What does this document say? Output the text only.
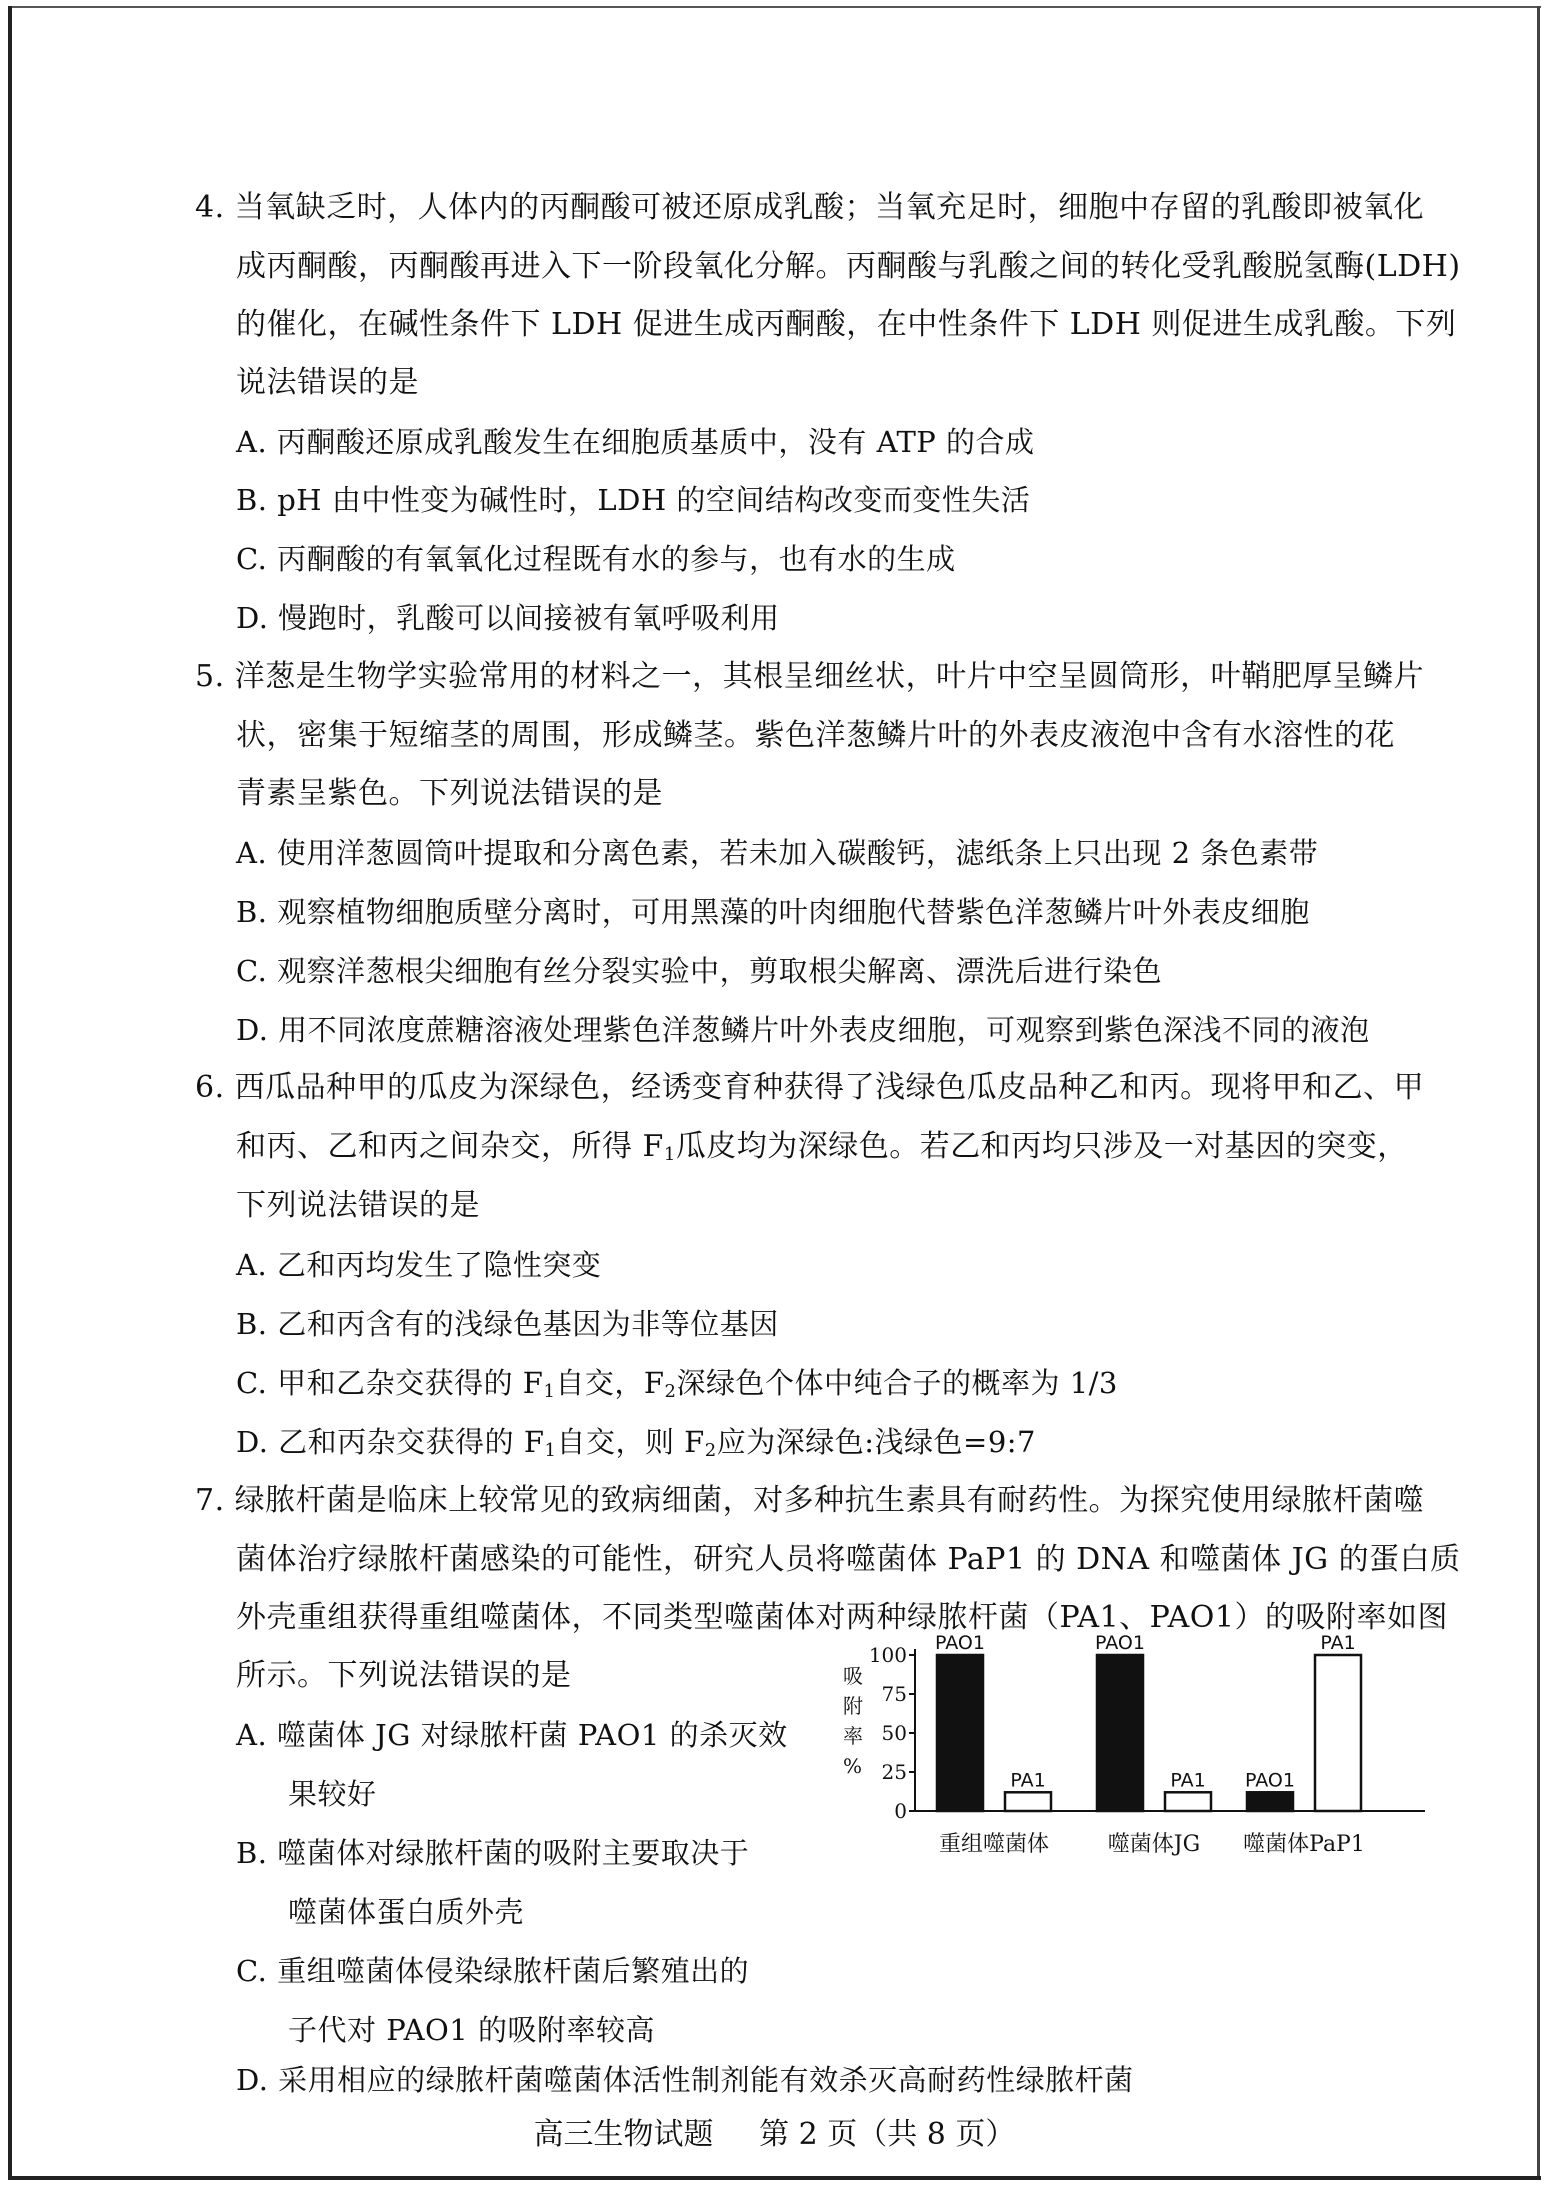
4. 当氧缺乏时，人体内的丙酮酸可被还原成乳酸；当氧充足时，细胞中存留的乳酸即被氧化
成丙酮酸，丙酮酸再进入下一阶段氧化分解。丙酮酸与乳酸之间的转化受乳酸脱氢酶(LDH)
的催化，在碱性条件下 LDH 促进生成丙酮酸，在中性条件下 LDH 则促进生成乳酸。下列
说法错误的是
A. 丙酮酸还原成乳酸发生在细胞质基质中，没有 ATP 的合成
B. pH 由中性变为碱性时，LDH 的空间结构改变而变性失活
C. 丙酮酸的有氧氧化过程既有水的参与，也有水的生成
D. 慢跑时，乳酸可以间接被有氧呼吸利用
5. 洋葱是生物学实验常用的材料之一，其根呈细丝状，叶片中空呈圆筒形，叶鞘肥厚呈鳞片
状，密集于短缩茎的周围，形成鳞茎。紫色洋葱鳞片叶的外表皮液泡中含有水溶性的花
青素呈紫色。下列说法错误的是
A. 使用洋葱圆筒叶提取和分离色素，若未加入碳酸钙，滤纸条上只出现 2 条色素带
B. 观察植物细胞质壁分离时，可用黑藻的叶肉细胞代替紫色洋葱鳞片叶外表皮细胞
C. 观察洋葱根尖细胞有丝分裂实验中，剪取根尖解离、漂洗后进行染色
D. 用不同浓度蔗糖溶液处理紫色洋葱鳞片叶外表皮细胞，可观察到紫色深浅不同的液泡
6. 西瓜品种甲的瓜皮为深绿色，经诱变育种获得了浅绿色瓜皮品种乙和丙。现将甲和乙、甲
和丙、乙和丙之间杂交，所得 $F_1$瓜皮均为深绿色。若乙和丙均只涉及一对基因的突变，
下列说法错误的是
A. 乙和丙均发生了隐性突变
B. 乙和丙含有的浅绿色基因为非等位基因
C. 甲和乙杂交获得的 $F_1$自交，$F_2$深绿色个体中纯合子的概率为 1/3
D. 乙和丙杂交获得的 $F_1$自交，则 $F_2$应为深绿色:浅绿色=9:7
7. 绿脓杆菌是临床上较常见的致病细菌，对多种抗生素具有耐药性。为探究使用绿脓杆菌噬
菌体治疗绿脓杆菌感染的可能性，研究人员将噬菌体 PaP1 的 DNA 和噬菌体 JG 的蛋白质
外壳重组获得重组噬菌体，不同类型噬菌体对两种绿脓杆菌（PA1、PAO1）的吸附率如图
所示。下列说法错误的是
A. 噬菌体 JG 对绿脓杆菌 PAO1 的杀灭效
果较好
B. 噬菌体对绿脓杆菌的吸附主要取决于
噬菌体蛋白质外壳
C. 重组噬菌体侵染绿脓杆菌后繁殖出的
子代对 PAO1 的吸附率较高
D. 采用相应的绿脓杆菌噬菌体活性制剂能有效杀灭高耐药性绿脓杆菌
吸
附
率
%
0
25
50
75
100 PAO1
PA1
重组噬菌体
PAO1
PA1
噬菌体JG
PAO1
PA1
噬菌体PaP1
高三生物试题 第 2 页（共 8 页）
